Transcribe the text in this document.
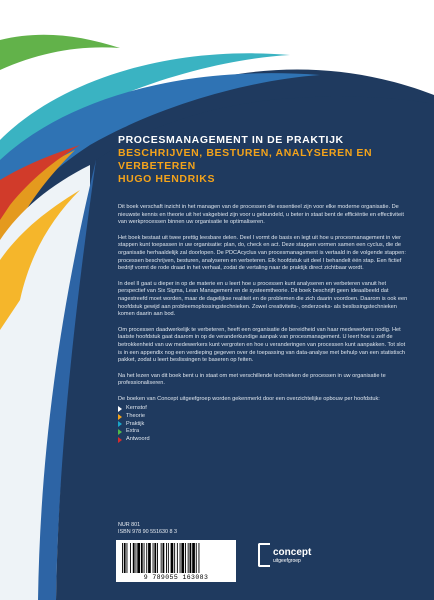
PROCESMANAGEMENT IN DE PRAKTIJK
BESCHRIJVEN, BESTUREN, ANALYSEREN EN VERBETEREN
HUGO HENDRIKS

Dit boek verschaft inzicht in het managen van de processen die essentieel zijn voor elke moderne organisatie. De nieuwste kennis en theorie uit het vakgebied zijn voor u gebundeld, u beter in staat bent de efficiëntie en effectiviteit van werkprocessen binnen uw organisatie te optimaliseren.

Het boek bestaat uit twee prettig leesbare delen. Deel I vormt de basis en legt uit hoe u procesmanagement in vier stappen kunt toepassen in uw organisatie: plan, do, check en act. Deze stappen vormen samen een cyclus, die de organisatie herhaaldelijk zal doorlopen. De PDCAcyclus van procesmanagement is vertaald in de volgende stappen: processen beschrijven, besturen, analyseren en verbeteren. Elk hoofdstuk uit deel I behandelt één stap. Een fictief bedrijf vormt de rode draad in het verhaal, zodat de vertaling naar de praktijk direct zichtbaar wordt.

In deel II gaat u dieper in op de materie en u leert hoe u processen kunt analyseren en verbeteren vanuit het perspectief van Six Sigma, Lean Management en de systeemtheorie. Dit boek beschrijft geen ideaalbeeld dat nagestreefd moet worden, maar de dagelijkse realiteit en de problemen die zich daarin voordoen. Daarom is ook een hoofdstuk gewijd aan probleemoplossingstechnieken. Zowel creativiteits-, onderzoeks- als beslissingstechnieken komen daarin aan bod.

Om processen daadwerkelijk te verbeteren, heeft een organisatie de bereidheid van haar medewerkers nodig. Het laatste hoofdstuk gaat daarom in op de veranderkundige aanpak van procesmanagement. U leert hoe u zelf de betrokkenheid van uw medewerkers kunt vergroten en hoe u veranderingen van processen kunt aanpakken. Tot slot is in een appendix nog een verdieping gegeven over de toepassing van data-analyse met behulp van een statistisch pakket, zodat u leert beslissingen te baseren op feiten.

Na het lezen van dit boek bent u in staat om met verschillende technieken de processen in uw organisatie te professionaliseren.

De boeken van Concept uitgeefgroep worden gekenmerkt door een overzichtelijke opbouw per hoofdstuk:

Kernstof
Theorie
Praktijk
Extra
Antwoord
NUR 801
ISBN 978 90 551630 8 3
9 789055 163083
concept
uitgeefgroep
